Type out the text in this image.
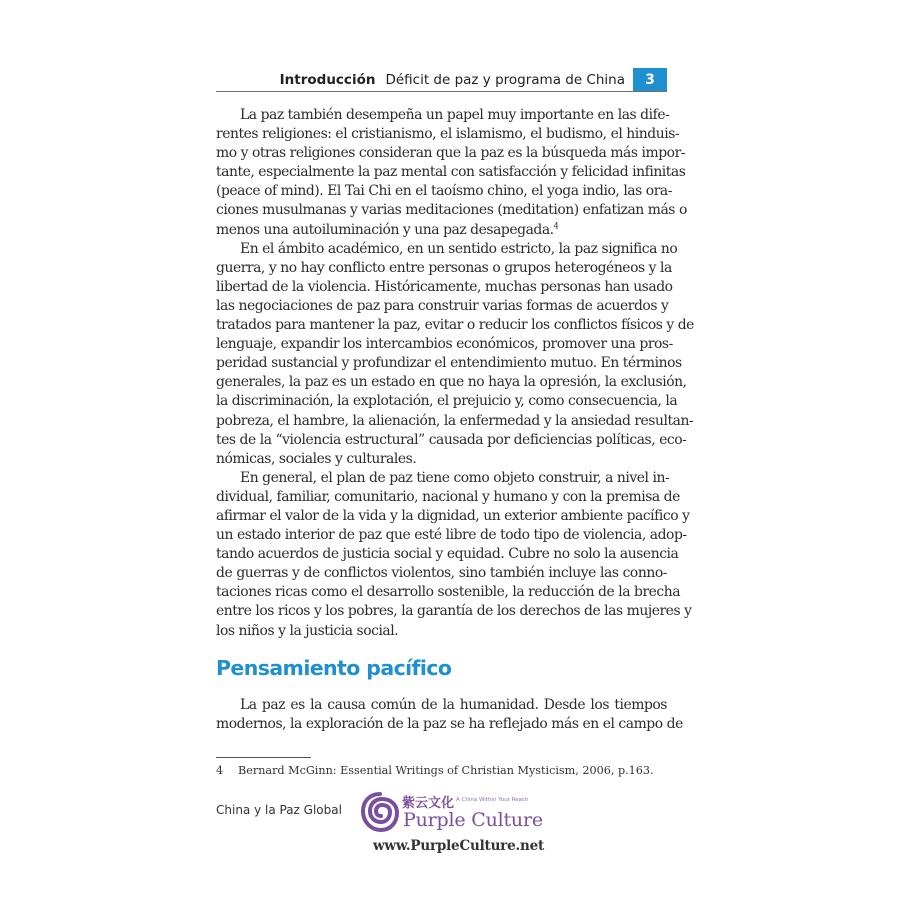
Introducción Déficit de paz y programa de China	3
La paz también desempeña un papel muy importante en las dife-
rentes religiones: el cristianismo, el islamismo, el budismo, el hinduis-
mo y otras religiones consideran que la paz es la búsqueda más impor-
tante, especialmente la paz mental con satisfacción y felicidad infinitas
(peace of mind). El Tai Chi en el taoísmo chino, el yoga indio, las ora-
ciones musulmanas y varias meditaciones (meditation) enfatizan más o
menos una autoiluminación y una paz desapegada.$^4$
En el ámbito académico, en un sentido estricto, la paz significa no
guerra, y no hay conflicto entre personas o grupos heterogéneos y la
libertad de la violencia. Históricamente, muchas personas han usado
las negociaciones de paz para construir varias formas de acuerdos y
tratados para mantener la paz, evitar o reducir los conflictos físicos y de
lenguaje, expandir los intercambios económicos, promover una pros-
peridad sustancial y profundizar el entendimiento mutuo. En términos
generales, la paz es un estado en que no haya la opresión, la exclusión,
la discriminación, la explotación, el prejuicio y, como consecuencia, la
pobreza, el hambre, la alienación, la enfermedad y la ansiedad resultan-
tes de la “violencia estructural” causada por deficiencias políticas, eco-
nómicas, sociales y culturales.
En general, el plan de paz tiene como objeto construir, a nivel in-
dividual, familiar, comunitario, nacional y humano y con la premisa de
afirmar el valor de la vida y la dignidad, un exterior ambiente pacífico y
un estado interior de paz que esté libre de todo tipo de violencia, adop-
tando acuerdos de justicia social y equidad. Cubre no solo la ausencia
de guerras y de conflictos violentos, sino también incluye las conno-
taciones ricas como el desarrollo sostenible, la reducción de la brecha
entre los ricos y los pobres, la garantía de los derechos de las mujeres y
los niños y la justicia social.
Pensamiento pacífico
La paz es la causa común de la humanidad. Desde los tiempos
modernos, la exploración de la paz se ha reflejado más en el campo de
4 Bernard McGinn: Essential Writings of Christian Mysticism, 2006, p.163.
China y la Paz Global	紫云文化 A China Within Your Reach
Purple Culture
www.PurpleCulture.net
